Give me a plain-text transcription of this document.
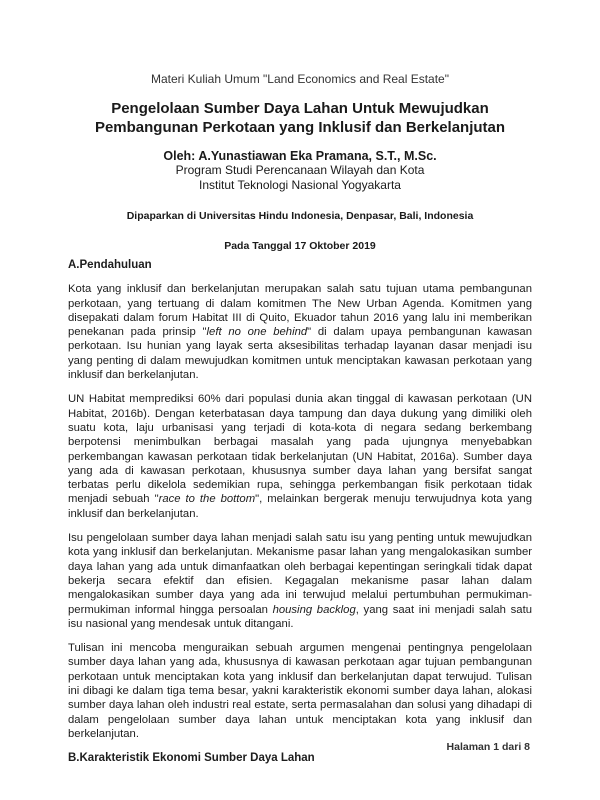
Materi Kuliah Umum "Land Economics and Real Estate"
Pengelolaan Sumber Daya Lahan Untuk Mewujudkan Pembangunan Perkotaan yang Inklusif dan Berkelanjutan
Oleh: A.Yunastiawan Eka Pramana, S.T., M.Sc.
Program Studi Perencanaan Wilayah dan Kota
Institut Teknologi Nasional Yogyakarta
Dipaparkan di Universitas Hindu Indonesia, Denpasar, Bali, Indonesia
Pada Tanggal 17 Oktober 2019
A.Pendahuluan

Kota yang inklusif dan berkelanjutan merupakan salah satu tujuan utama pembangunan perkotaan, yang tertuang di dalam komitmen The New Urban Agenda. Komitmen yang disepakati dalam forum Habitat III di Quito, Ekuador tahun 2016 yang lalu ini memberikan penekanan pada prinsip "left no one behind" di dalam upaya pembangunan kawasan perkotaan. Isu hunian yang layak serta aksesibilitas terhadap layanan dasar menjadi isu yang penting di dalam mewujudkan komitmen untuk menciptakan kawasan perkotaan yang inklusif dan berkelanjutan.

UN Habitat memprediksi 60% dari populasi dunia akan tinggal di kawasan perkotaan (UN Habitat, 2016b). Dengan keterbatasan daya tampung dan daya dukung yang dimiliki oleh suatu kota, laju urbanisasi yang terjadi di kota-kota di negara sedang berkembang berpotensi menimbulkan berbagai masalah yang pada ujungnya menyebabkan perkembangan kawasan perkotaan tidak berkelanjutan (UN Habitat, 2016a). Sumber daya yang ada di kawasan perkotaan, khususnya sumber daya lahan yang bersifat sangat terbatas perlu dikelola sedemikian rupa, sehingga perkembangan fisik perkotaan tidak menjadi sebuah "race to the bottom", melainkan bergerak menuju terwujudnya kota yang inklusif dan berkelanjutan.

Isu pengelolaan sumber daya lahan menjadi salah satu isu yang penting untuk mewujudkan kota yang inklusif dan berkelanjutan. Mekanisme pasar lahan yang mengalokasikan sumber daya lahan yang ada untuk dimanfaatkan oleh berbagai kepentingan seringkali tidak dapat bekerja secara efektif dan efisien. Kegagalan mekanisme pasar lahan dalam mengalokasikan sumber daya yang ada ini terwujud melalui pertumbuhan permukiman-permukiman informal hingga persoalan housing backlog, yang saat ini menjadi salah satu isu nasional yang mendesak untuk ditangani.

Tulisan ini mencoba menguraikan sebuah argumen mengenai pentingnya pengelolaan sumber daya lahan yang ada, khususnya di kawasan perkotaan agar tujuan pembangunan perkotaan untuk menciptakan kota yang inklusif dan berkelanjutan dapat terwujud. Tulisan ini dibagi ke dalam tiga tema besar, yakni karakteristik ekonomi sumber daya lahan, alokasi sumber daya lahan oleh industri real estate, serta permasalahan dan solusi yang dihadapi di dalam pengelolaan sumber daya lahan untuk menciptakan kota yang inklusif dan berkelanjutan.

B.Karakteristik Ekonomi Sumber Daya Lahan
Halaman 1 dari 8
